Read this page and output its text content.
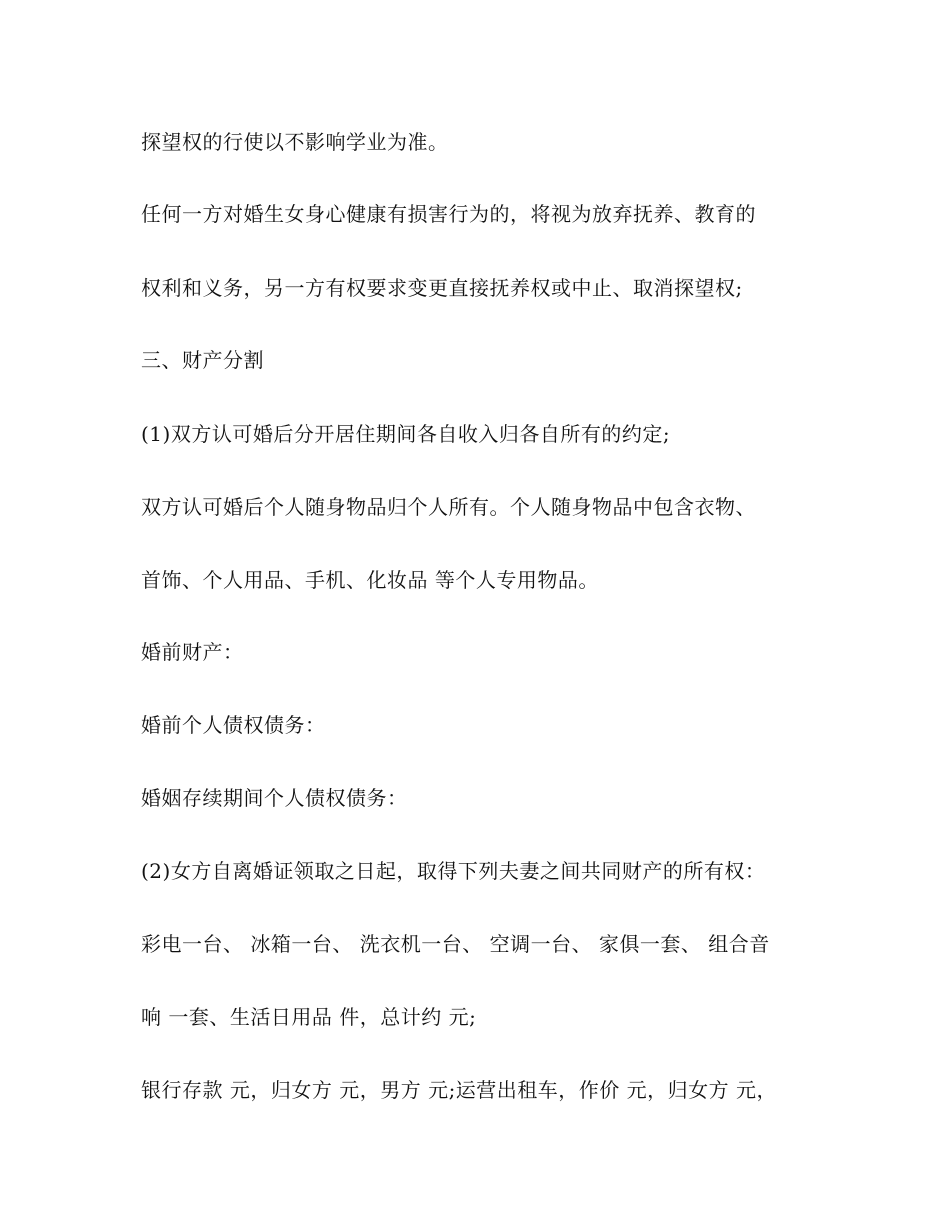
探望权的行使以不影响学业为准。
任何一方对婚生女身心健康有损害行为的，将视为放弃抚养、教育的
权利和义务，另一方有权要求变更直接抚养权或中止、取消探望权;
三、财产分割
(1)双方认可婚后分开居住期间各自收入归各自所有的约定;
双方认可婚后个人随身物品归个人所有。个人随身物品中包含衣物、
首饰、个人用品、手机、化妆品 等个人专用物品。
婚前财产：
婚前个人债权债务：
婚姻存续期间个人债权债务：
(2)女方自离婚证领取之日起，取得下列夫妻之间共同财产的所有权：
彩电一台、 冰箱一台、 洗衣机一台、 空调一台、 家俱一套、 组合音
响 一套、生活日用品 件，总计约 元;
银行存款 元，归女方 元，男方 元;运营出租车，作价 元，归女方 元，
